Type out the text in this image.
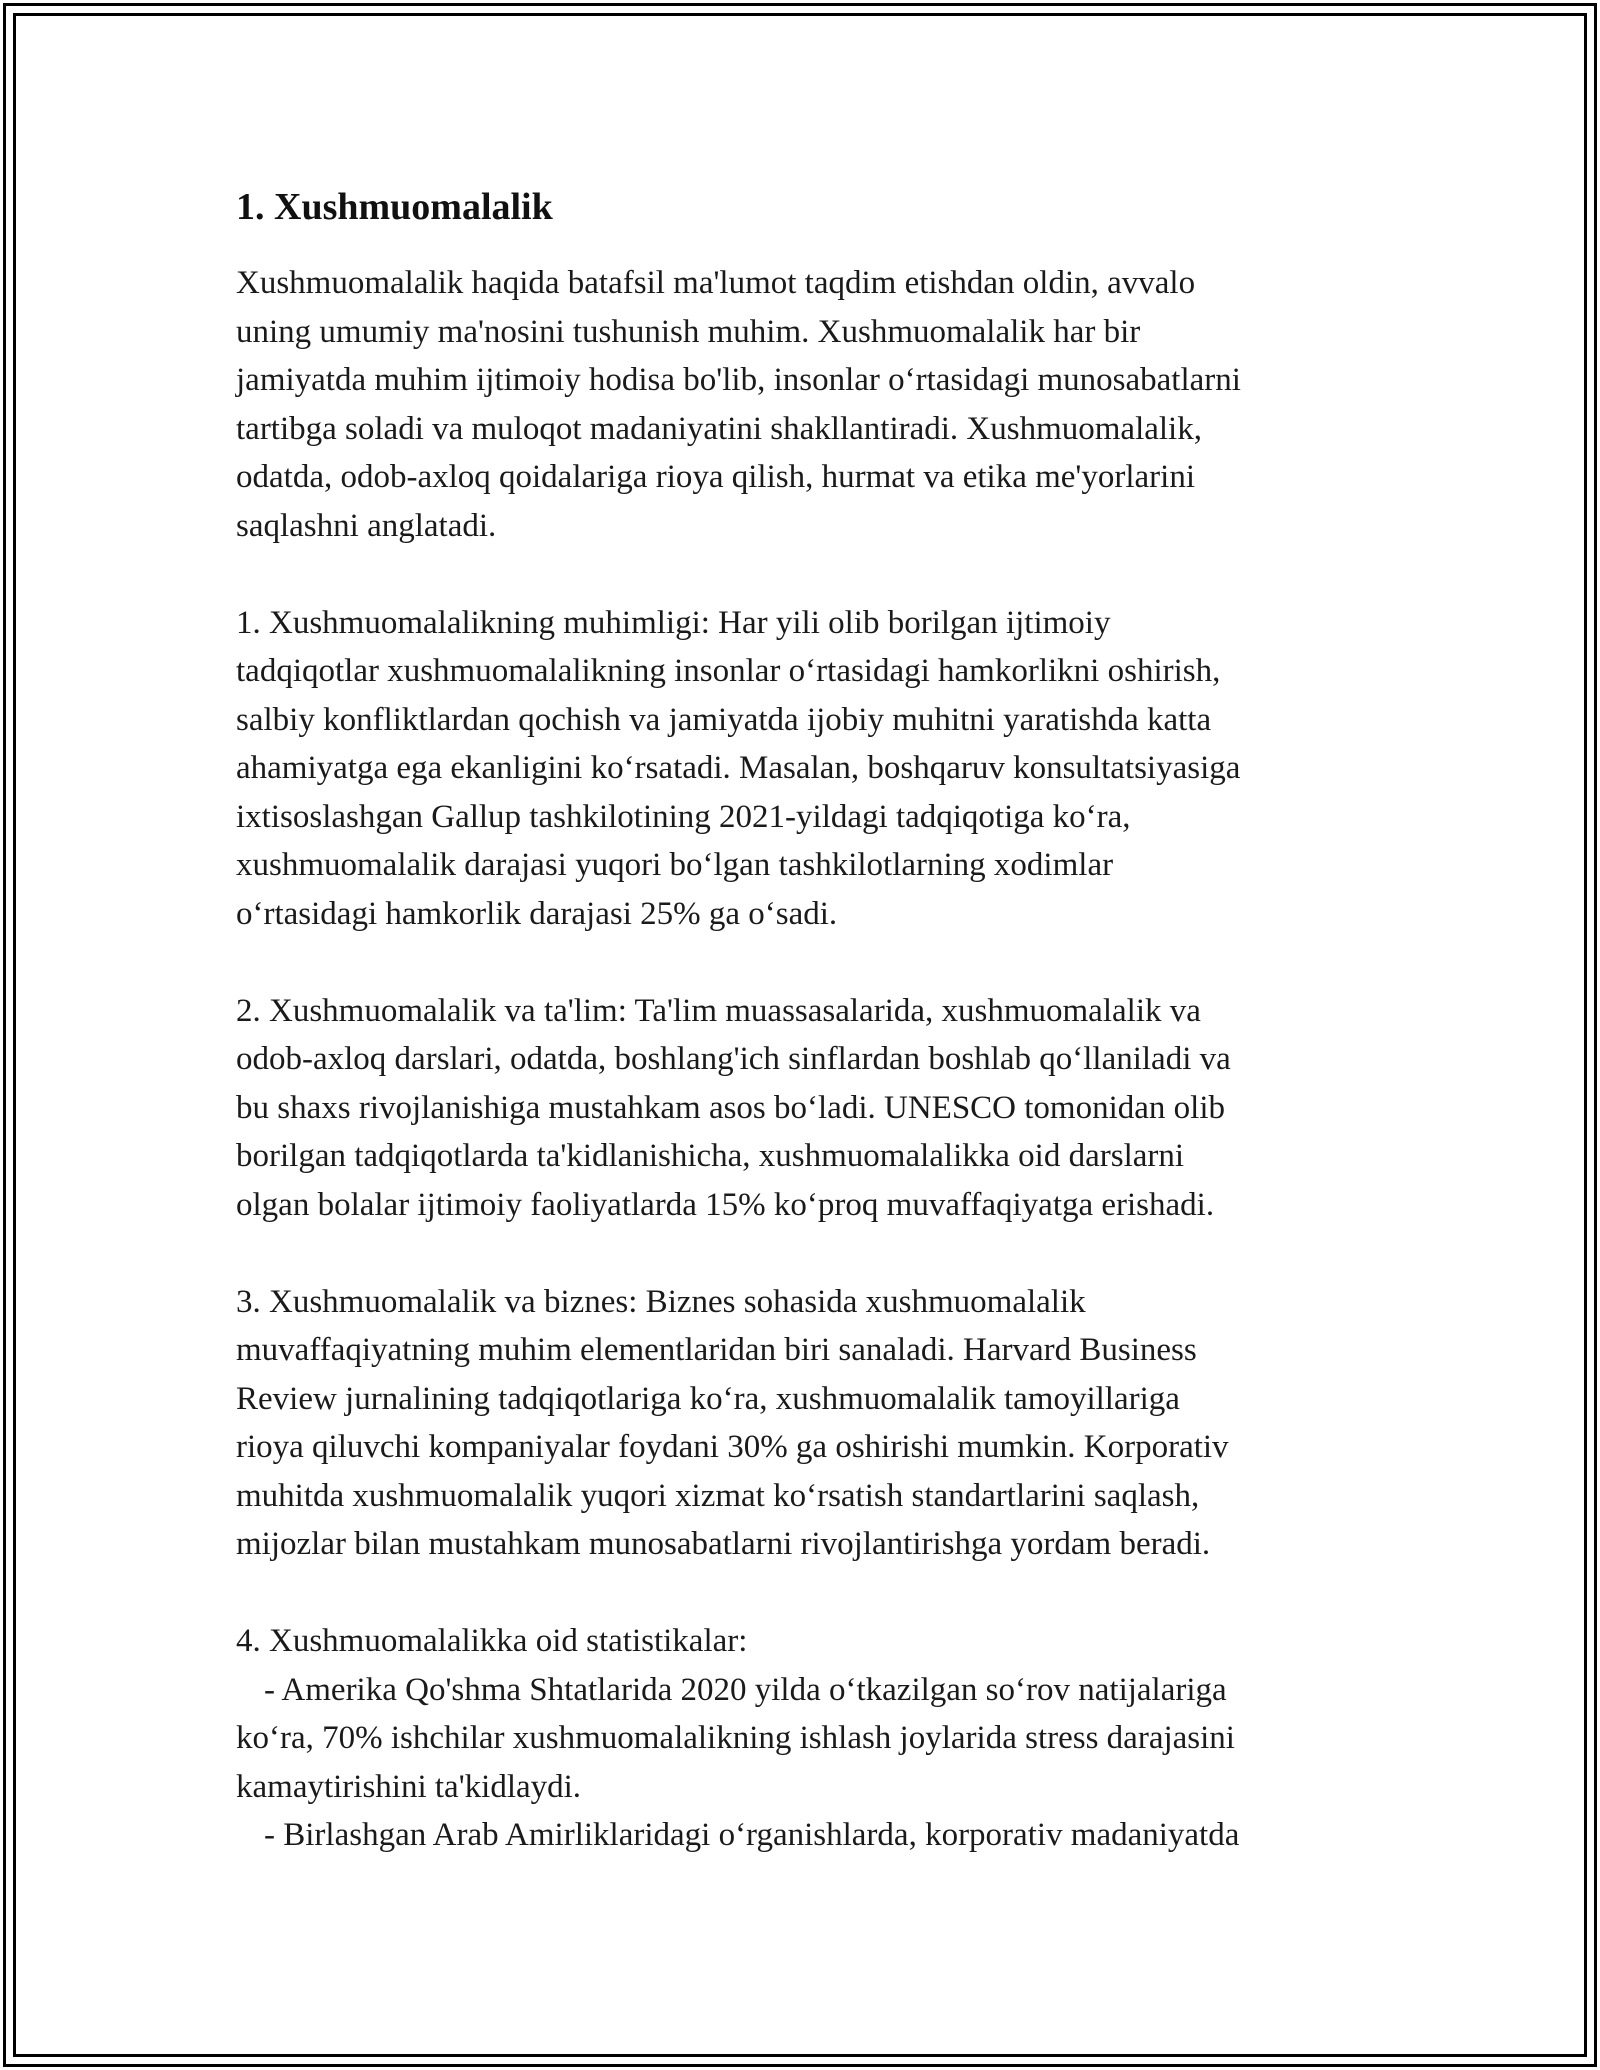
1. Xushmuomalalik
Xushmuomalalik haqida batafsil ma'lumot taqdim etishdan oldin, avvalo
uning umumiy ma'nosini tushunish muhim. Xushmuomalalik har bir
jamiyatda muhim ijtimoiy hodisa bo'lib, insonlar o‘rtasidagi munosabatlarni
tartibga soladi va muloqot madaniyatini shakllantiradi. Xushmuomalalik,
odatda, odob-axloq qoidalariga rioya qilish, hurmat va etika me'yorlarini
saqlashni anglatadi.
1. Xushmuomalalikning muhimligi: Har yili olib borilgan ijtimoiy
tadqiqotlar xushmuomalalikning insonlar o‘rtasidagi hamkorlikni oshirish,
salbiy konfliktlardan qochish va jamiyatda ijobiy muhitni yaratishda katta
ahamiyatga ega ekanligini ko‘rsatadi. Masalan, boshqaruv konsultatsiyasiga
ixtisoslashgan Gallup tashkilotining 2021-yildagi tadqiqotiga ko‘ra,
xushmuomalalik darajasi yuqori bo‘lgan tashkilotlarning xodimlar
o‘rtasidagi hamkorlik darajasi 25% ga o‘sadi.
2. Xushmuomalalik va ta'lim: Ta'lim muassasalarida, xushmuomalalik va
odob-axloq darslari, odatda, boshlang'ich sinflardan boshlab qo‘llaniladi va
bu shaxs rivojlanishiga mustahkam asos bo‘ladi. UNESCO tomonidan olib
borilgan tadqiqotlarda ta'kidlanishicha, xushmuomalalikka oid darslarni
olgan bolalar ijtimoiy faoliyatlarda 15% ko‘proq muvaffaqiyatga erishadi.
3. Xushmuomalalik va biznes: Biznes sohasida xushmuomalalik
muvaffaqiyatning muhim elementlaridan biri sanaladi. Harvard Business
Review jurnalining tadqiqotlariga ko‘ra, xushmuomalalik tamoyillariga
rioya qiluvchi kompaniyalar foydani 30% ga oshirishi mumkin. Korporativ
muhitda xushmuomalalik yuqori xizmat ko‘rsatish standartlarini saqlash,
mijozlar bilan mustahkam munosabatlarni rivojlantirishga yordam beradi.
4. Xushmuomalalikka oid statistikalar:
- Amerika Qo'shma Shtatlarida 2020 yilda o‘tkazilgan so‘rov natijalariga
ko‘ra, 70% ishchilar xushmuomalalikning ishlash joylarida stress darajasini
kamaytirishini ta'kidlaydi.
- Birlashgan Arab Amirliklaridagi o‘rganishlarda, korporativ madaniyatda
